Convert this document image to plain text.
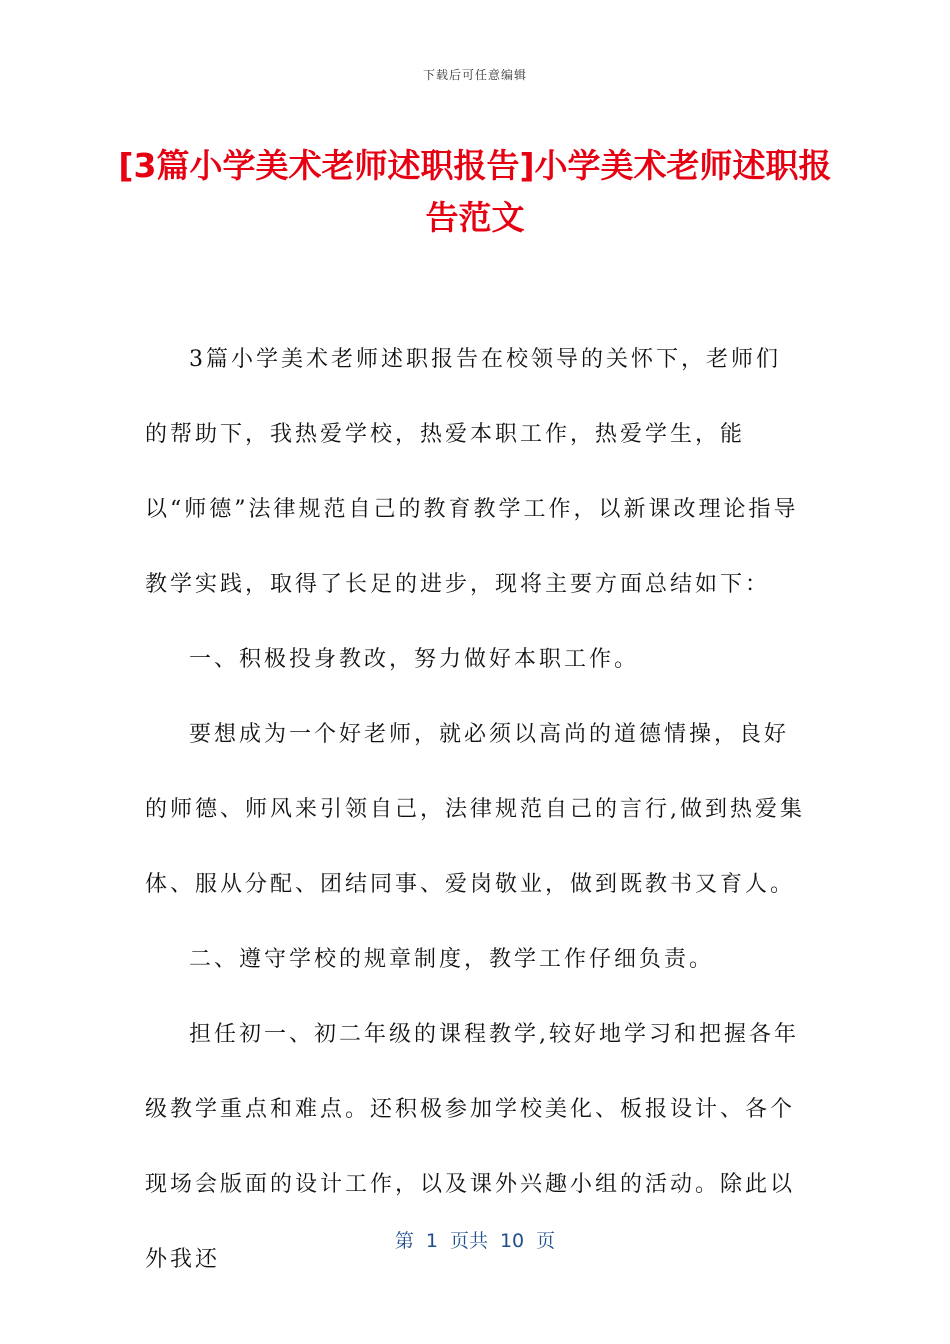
下载后可任意编辑
[3篇小学美术老师述职报告]小学美术老师述职报告范文

3篇小学美术老师述职报告在校领导的关怀下，老师们的帮助下，我热爱学校，热爱本职工作，热爱学生，能以“师德”法律规范自己的教育教学工作，以新课改理论指导教学实践，取得了长足的进步，现将主要方面总结如下：

一、积极投身教改，努力做好本职工作。

要想成为一个好老师，就必须以高尚的道德情操，良好的师德、师风来引领自己，法律规范自己的言行,做到热爱集体、服从分配、团结同事、爱岗敬业，做到既教书又育人。

二、遵守学校的规章制度，教学工作仔细负责。

担任初一、初二年级的课程教学,较好地学习和把握各年级教学重点和难点。还积极参加学校美化、板报设计、各个现场会版面的设计工作，以及课外兴趣小组的活动。除此以外我还

第 1 页共 10 页
